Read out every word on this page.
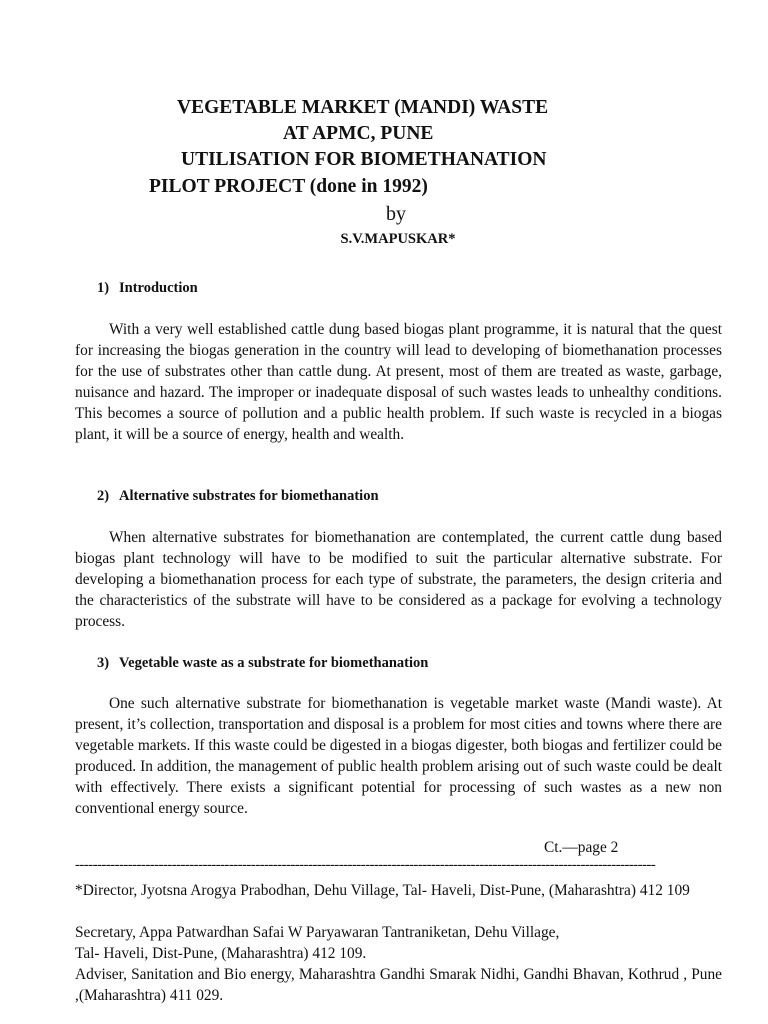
VEGETABLE MARKET (MANDI) WASTE
AT APMC, PUNE
UTILISATION FOR BIOMETHANATION
PILOT PROJECT (done in 1992)
by
S.V.MAPUSKAR*
1) Introduction

With a very well established cattle dung based biogas plant programme, it is natural that the quest for increasing the biogas generation in the country will lead to developing of biomethanation processes for the use of substrates other than cattle dung. At present, most of them are treated as waste, garbage, nuisance and hazard. The improper or inadequate disposal of such wastes leads to unhealthy conditions. This becomes a source of pollution and a public health problem. If such waste is recycled in a biogas plant, it will be a source of energy, health and wealth.

2) Alternative substrates for biomethanation

When alternative substrates for biomethanation are contemplated, the current cattle dung based biogas plant technology will have to be modified to suit the particular alternative substrate. For developing a biomethanation process for each type of substrate, the parameters, the design criteria and the characteristics of the substrate will have to be considered as a package for evolving a technology process.

3) Vegetable waste as a substrate for biomethanation

One such alternative substrate for biomethanation is vegetable market waste (Mandi waste). At present, it’s collection, transportation and disposal is a problem for most cities and towns where there are vegetable markets. If this waste could be digested in a biogas digester, both biogas and fertilizer could be produced. In addition, the management of public health problem arising out of such waste could be dealt with effectively. There exists a significant potential for processing of such wastes as a new non conventional energy source.

Ct.—page 2
------------------------------------------------------------------------------------------------------------------------------------

*Director, Jyotsna Arogya Prabodhan, Dehu Village, Tal- Haveli, Dist-Pune, (Maharashtra) 412 109

Secretary, Appa Patwardhan Safai W Paryawaran Tantraniketan, Dehu Village,

Tal- Haveli, Dist-Pune, (Maharashtra) 412 109.

Adviser, Sanitation and Bio energy, Maharashtra Gandhi Smarak Nidhi, Gandhi Bhavan, Kothrud , Pune ,(Maharashtra) 411 029.
